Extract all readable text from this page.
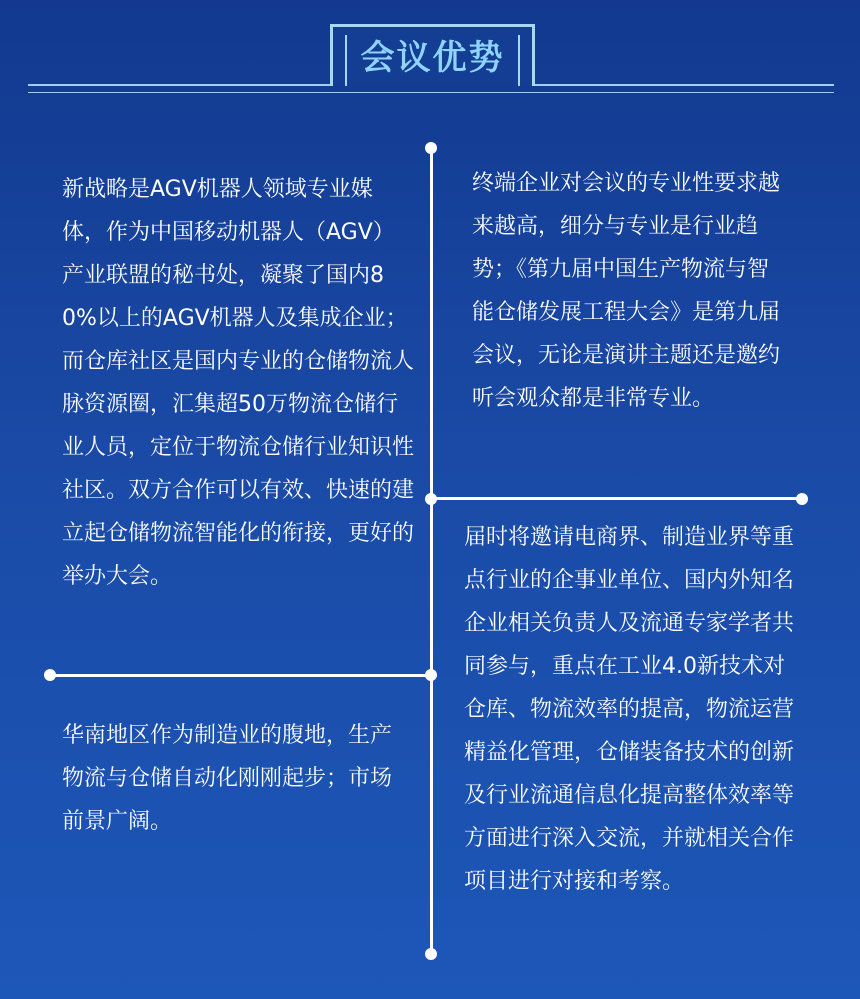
会议优势
新战略是AGV机器人领域专业媒体，作为中国移动机器人（AGV）产业联盟的秘书处，凝聚了国内80%以上的AGV机器人及集成企业；而仓库社区是国内专业的仓储物流人脉资源圈，汇集超50万物流仓储行业人员，定位于物流仓储行业知识性社区。双方合作可以有效、快速的建立起仓储物流智能化的衔接，更好的举办大会。
终端企业对会议的专业性要求越来越高，细分与专业是行业趋势；《第九届中国生产物流与智能仓储发展工程大会》是第九届会议，无论是演讲主题还是邀约听会观众都是非常专业。
华南地区作为制造业的腹地，生产物流与仓储自动化刚刚起步；市场前景广阔。
届时将邀请电商界、制造业界等重点行业的企事业单位、国内外知名企业相关负责人及流通专家学者共同参与，重点在工业4.0新技术对仓库、物流效率的提高，物流运营精益化管理，仓储装备技术的创新及行业流通信息化提高整体效率等方面进行深入交流，并就相关合作项目进行对接和考察。
